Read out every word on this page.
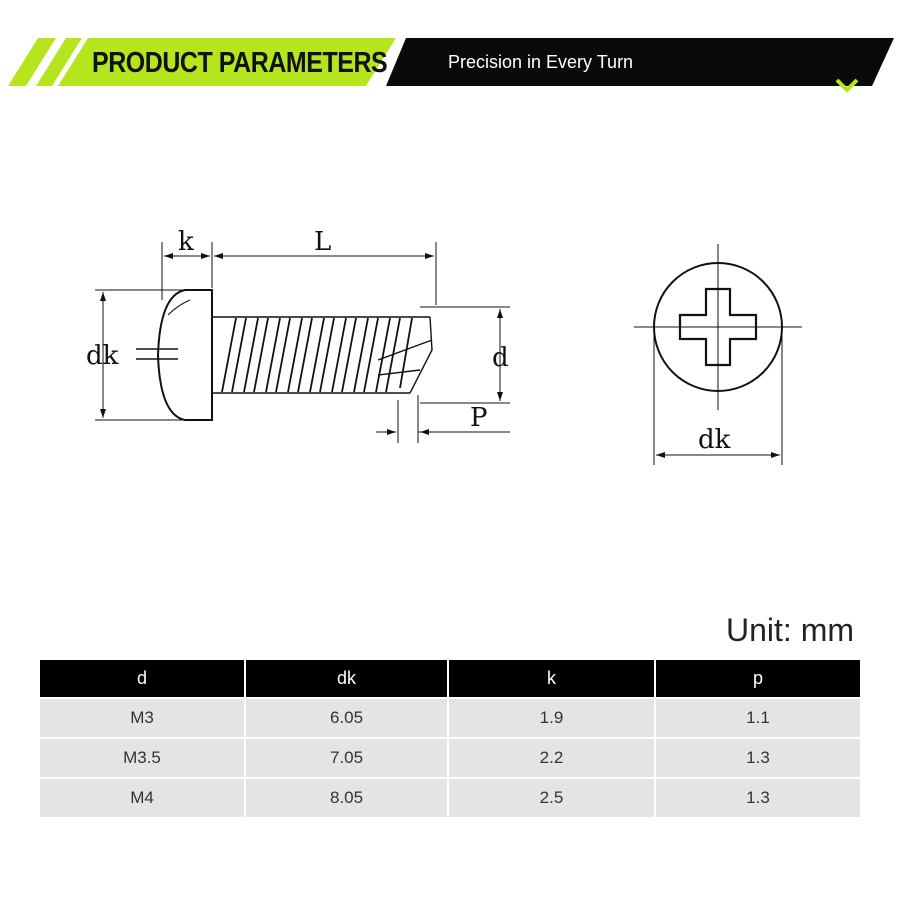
PRODUCT PARAMETERS	Precision in Every Turn
k	L
dk	d
P
dk
Unit: mm
d	dk	k	p
M3	6.05	1.9	1.1
M3.5	7.05	2.2	1.3
M4	8.05	2.5	1.3
